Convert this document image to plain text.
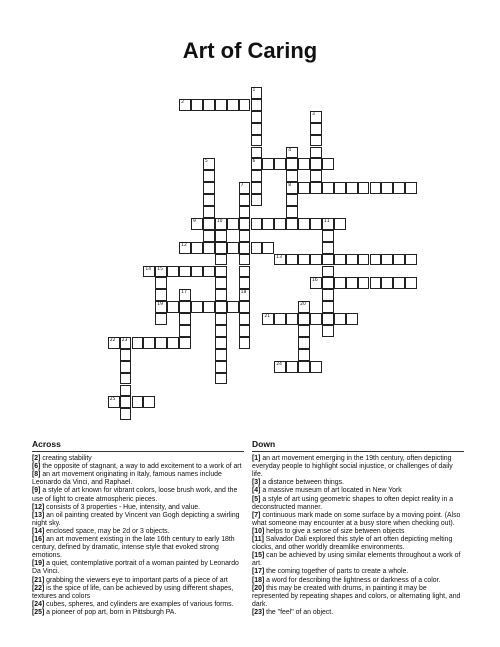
Art of Caring
1
6
2
3
4
8
5
7
18
9	10	11
12
13
14 15
19
16
17
20
21
22 23
24
25
Across

[2] creating stability

[6] the opposite of stagnant, a way to add excitement to a work of art

[8] an art movement originating in Italy, famous names include Leonardo da Vinci, and Raphael.

[9] a style of art known for vibrant colors, loose brush work, and the use of light to create atmospheric pieces.

[12] consists of 3 properties - Hue, intensity, and value.

[13] an oil painting created by Vincent van Gogh depicting a swirling night sky.

[14] enclosed space, may be 2d or 3 objects.

[16] an art movement existing in the late 16th century to early 18th century, defined by dramatic, intense style that evoked strong emotions.

[19] a quiet, contemplative portrait of a woman painted by Leonardo Da Vinci.

[21] grabbing the viewers eye to important parts of a piece of art

[22] is the spice of life, can be achieved by using different shapes, textures and colors

[24] cubes, spheres, and cylinders are examples of various forms.

[25] a pioneer of pop art, born in Pittsburgh PA.

Down

[1] an art movement emerging in the 19th century, often depicting everyday people to highlight social injustice, or challenges of daily life.

[3] a distance between things.

[4] a massive museum of art located in New York

[5] a style of art using geometric shapes to often depict reality in a deconstructed manner.

[7] continuous mark made on some surface by a moving point. (Also what someone may encounter at a busy store when checking out).

[10] helps to give a sense of size between objects

[11] Salvador Dali explored this style of art often depicting melting clocks, and other worldly dreamlike environments.

[15] can be achieved by using similar elements throughout a work of art.

[17] the coming together of parts to create a whole.

[18] a word for describing the lightness or darkness of a color.

[20] this may be created with drums, in painting it may be represented by repeating shapes and colors, or alternating light, and dark.

[23] the "feel" of an object.
